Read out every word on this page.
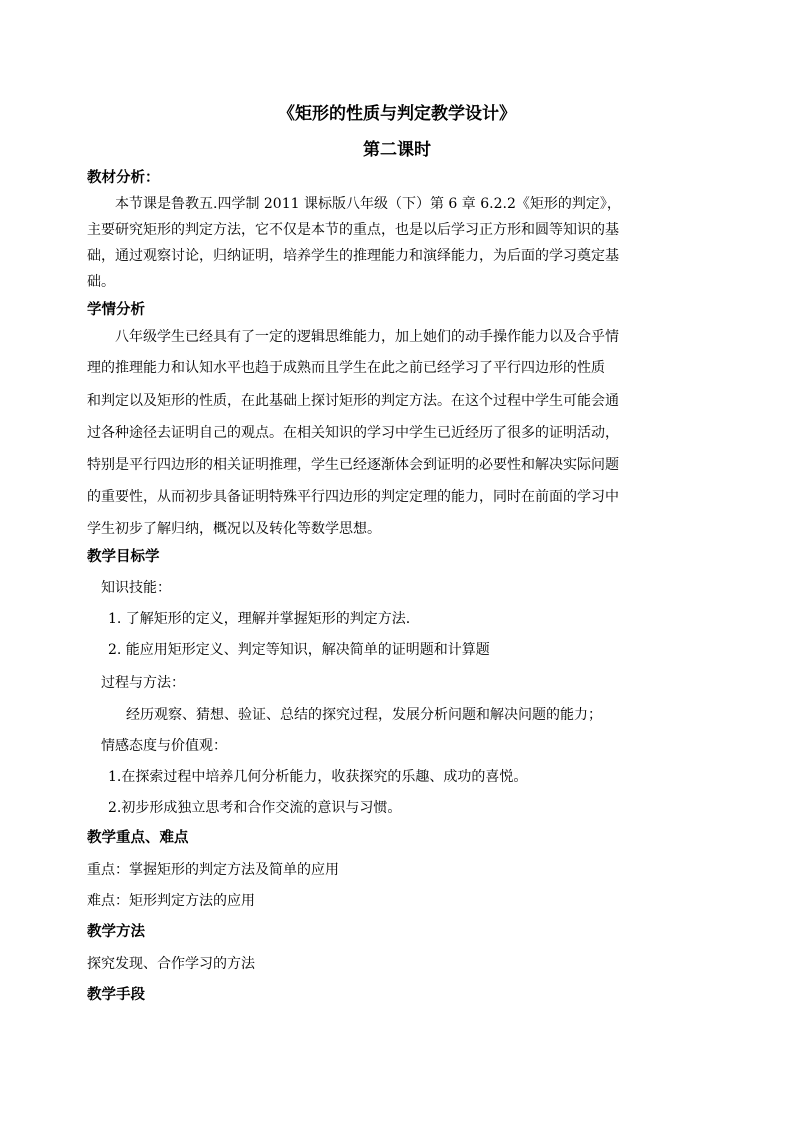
《矩形的性质与判定教学设计》
第二课时
教材分析：
本节课是鲁教五.四学制 2011 课标版八年级（下）第 6 章 6.2.2《矩形的判定》，
主要研究矩形的判定方法，它不仅是本节的重点，也是以后学习正方形和圆等知识的基
础，通过观察讨论，归纳证明，培养学生的推理能力和演绎能力，为后面的学习奠定基
础。
学情分析
八年级学生已经具有了一定的逻辑思维能力，加上她们的动手操作能力以及合乎情
理的推理能力和认知水平也趋于成熟而且学生在此之前已经学习了平行四边形的性质
和判定以及矩形的性质，在此基础上探讨矩形的判定方法。在这个过程中学生可能会通
过各种途径去证明自己的观点。在相关知识的学习中学生已近经历了很多的证明活动，
特别是平行四边形的相关证明推理，学生已经逐渐体会到证明的必要性和解决实际问题
的重要性，从而初步具备证明特殊平行四边形的判定定理的能力，同时在前面的学习中
学生初步了解归纳，概况以及转化等数学思想。
教学目标学
知识技能：
1. 了解矩形的定义，理解并掌握矩形的判定方法.
2. 能应用矩形定义、判定等知识，解决简单的证明题和计算题
过程与方法：
经历观察、猜想、验证、总结的探究过程，发展分析问题和解决问题的能力；
情感态度与价值观：
1.在探索过程中培养几何分析能力，收获探究的乐趣、成功的喜悦。
2.初步形成独立思考和合作交流的意识与习惯。
教学重点、难点
重点：掌握矩形的判定方法及简单的应用
难点：矩形判定方法的应用
教学方法
探究发现、合作学习的方法
教学手段
